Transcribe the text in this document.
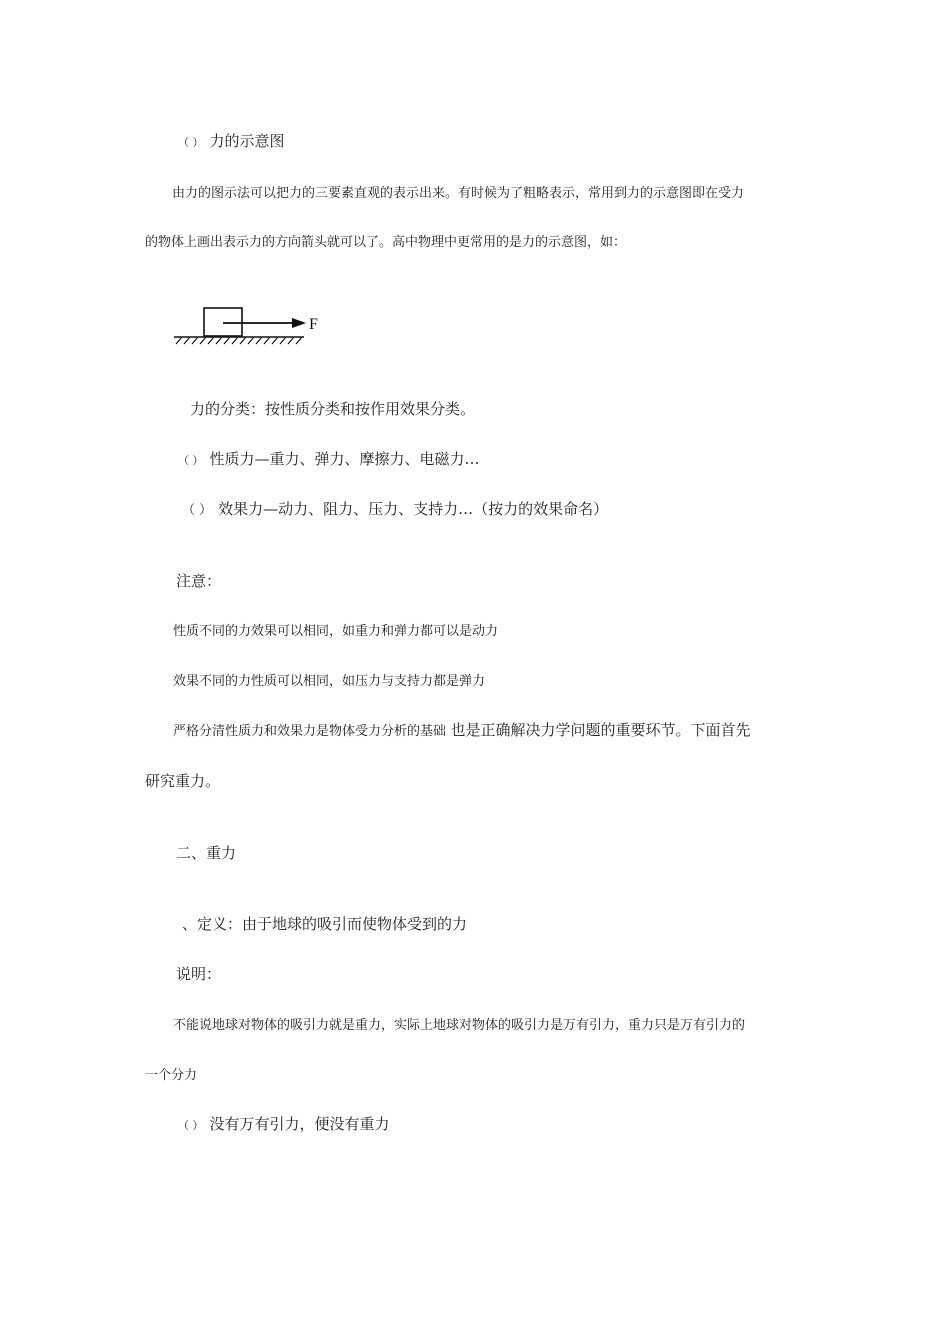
（ ） 力的示意图
由力的图示法可以把力的三要素直观的表示出来。有时候为了粗略表示，常用到力的示意图即在受力
的物体上画出表示力的方向箭头就可以了。高中物理中更常用的是力的示意图，如：
F
力的分类：按性质分类和按作用效果分类。
（ ） 性质力—重力、弹力、摩擦力、电磁力…
（ ） 效果力—动力、阻力、压力、支持力…（按力的效果命名）
注意：
性质不同的力效果可以相同，如重力和弹力都可以是动力
效果不同的力性质可以相同，如压力与支持力都是弹力
严格分清性质力和效果力是物体受力分析的基础 也是正确解决力学问题的重要环节。下面首先
研究重力。
二、重力
、定义：由于地球的吸引而使物体受到的力
说明：
不能说地球对物体的吸引力就是重力，实际上地球对物体的吸引力是万有引力，重力只是万有引力的
一个分力
（ ） 没有万有引力，便没有重力
